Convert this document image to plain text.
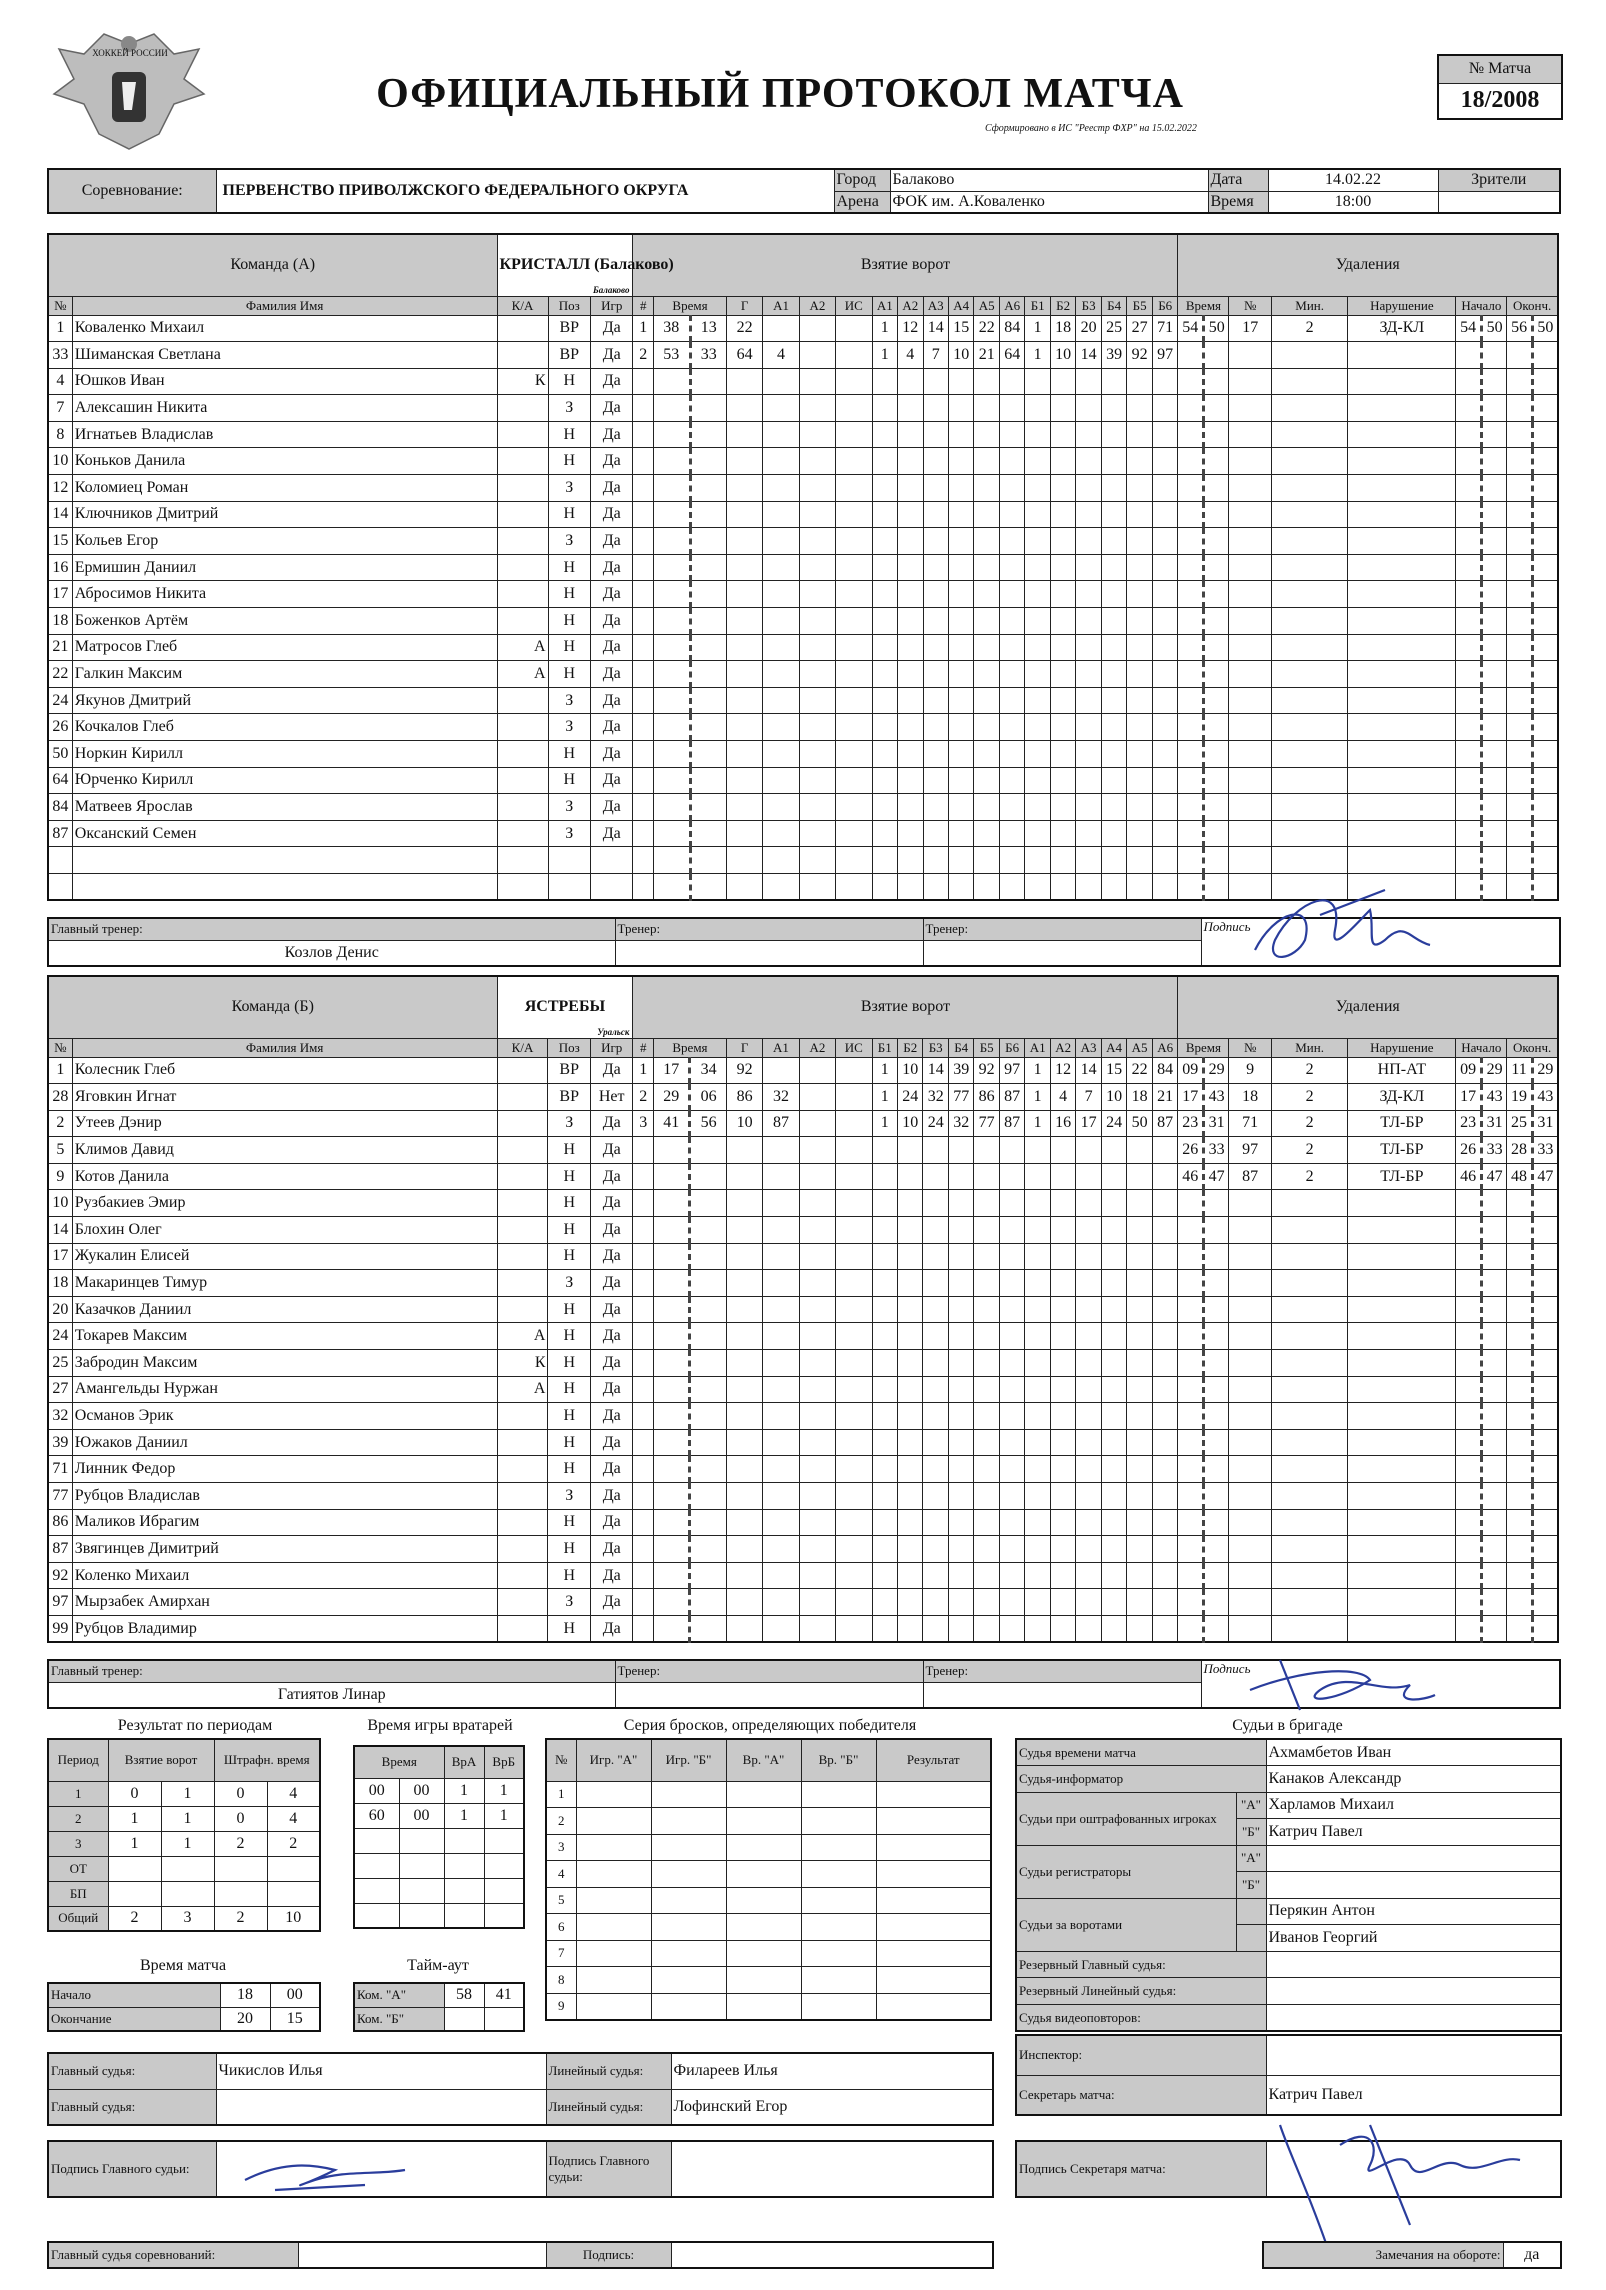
ХОККЕЙ РОССИИ
ОФИЦИАЛЬНЫЙ ПРОТОКОЛ МАТЧА
Сформировано в ИС "Реестр ФХР" на 15.02.2022
№ Матча
18/2008
Соревнование:	ПЕРВЕНСТВО ПРИВОЛЖСКОГО ФЕДЕРАЛЬНОГО ОКРУГА	Город	Балаково	Дата	14.02.22	Зрители
		Арена	ФОК им. А.Коваленко	Время	18:00	
Команда (А)		КРИСТАЛЛ (Балаково)
Балаково			Взятие ворот																			Удаления								
№	Фамилия Имя	К/А	Поз	Игр	#	Время		Г	А1	А2	ИС	А1	А2	А3	А4	А5	А6	Б1	Б2	Б3	Б4	Б5	Б6	Время		№	Мин.	Нарушение	Начало		Оконч.	
1	Коваленко Михаил		ВР	Да	1	38	13	22				1	12	14	15	22	84	1	18	20	25	27	71	54	50	17	2	ЗД-КЛ	54	50	56	50
33	Шиманская Светлана		ВР	Да	2	53	33	64	4			1	4	7	10	21	64	1	10	14	39	92	97									
4	Юшков Иван	К	Н	Да																												
7	Алексашин Никита		З	Да																												
8	Игнатьев Владислав		Н	Да																												
10	Коньков Данила		Н	Да																												
12	Коломиец Роман		З	Да																												
14	Ключников Дмитрий		Н	Да																												
15	Кольев Егор		З	Да																												
16	Ермишин Даниил		Н	Да																												
17	Абросимов Никита		Н	Да																												
18	Боженков Артём		Н	Да																												
21	Матросов Глеб	А	Н	Да																												
22	Галкин Максим	А	Н	Да																												
24	Якунов Дмитрий		З	Да																												
26	Кочкалов Глеб		З	Да																												
50	Норкин Кирилл		Н	Да																												
64	Юрченко Кирилл		Н	Да																												
84	Матвеев Ярослав		З	Да																												
87	Оксанский Семен		З	Да																												

Главный тренер:	Тренер:	Тренер:	Подпись
Козлов Денис			
Команда (Б)		ЯСТРЕБЫ
Уральск			Взятие ворот																			Удаления								
№	Фамилия Имя	К/А	Поз	Игр	#	Время		Г	А1	А2	ИС	Б1	Б2	Б3	Б4	Б5	Б6	А1	А2	А3	А4	А5	А6	Время		№	Мин.	Нарушение	Начало		Оконч.	
1	Колесник Глеб		ВР	Да	1	17	34	92				1	10	14	39	92	97	1	12	14	15	22	84	09	29	9	2	НП-АТ	09	29	11	29
28	Яговкин Игнат		ВР	Нет	2	29	06	86	32			1	24	32	77	86	87	1	4	7	10	18	21	17	43	18	2	ЗД-КЛ	17	43	19	43
2	Утеев Дэнир		З	Да	3	41	56	10	87			1	10	24	32	77	87	1	16	17	24	50	87	23	31	71	2	ТЛ-БР	23	31	25	31
5	Климов Давид		Н	Да																				26	33	97	2	ТЛ-БР	26	33	28	33
9	Котов Данила		Н	Да																				46	47	87	2	ТЛ-БР	46	47	48	47
10	Рузбакиев Эмир		Н	Да																												
14	Блохин Олег		Н	Да																												
17	Жукалин Елисей		Н	Да																												
18	Макаринцев Тимур		З	Да																												
20	Казачков Даниил		Н	Да																												
24	Токарев Максим	А	Н	Да																												
25	Забродин Максим	К	Н	Да																												
27	Амангельды Нуржан	А	Н	Да																												
32	Османов Эрик		Н	Да																												
39	Южаков Даниил		Н	Да																												
71	Линник Федор		Н	Да																												
77	Рубцов Владислав		З	Да																												
86	Маликов Ибрагим		Н	Да																												
87	Звягинцев Димитрий		Н	Да																												
92	Коленко Михаил		Н	Да																												
97	Мырзабек Амирхан		З	Да																												
99	Рубцов Владимир		Н	Да																												
Главный тренер:	Тренер:	Тренер:	Подпись
Гатиятов Линар			
Результат по периодам
Период	Взятие ворот		Штрафн. время	
1	0	1	0	4
2	1	1	0	4
3	1	1	2	2
ОТ				
БП				
Общий	2	3	2	10
Время матча
Начало	18	00
Окончание	20	15
Время игры вратарей
Время		ВрА	ВрБ
00	00	1	1
60	00	1	1

Тайм-аут
Ком. "А"	58	41
Ком. "Б"		
Серия бросков, определяющих победителя
№	Игр. "А"	Игр. "Б"	Вр. "А"	Вр. "Б"	Результат
1					
2					
3					
4					
5					
6					
7					
8					
9					
Судьи в бригаде
Судья времени матча		Ахмамбетов Иван
Судья-информатор		Канаков Александр
Судьи при оштрафованных игроках	"А"	Харламов Михаил
	"Б"	Катрич Павел
Судьи регистраторы	"А"	
	"Б"	
Судьи за воротами		Перякин Антон
		Иванов Георгий
Резервный Главный судья:		
Резервный Линейный судья:		
Судья видеоповторов:		
Главный судья:	Чикислов Илья	Линейный судья:	Филареев Илья
Главный судья:		Линейный судья:	Лофинский Егор
Подпись Главного судьи:		Подпись Главного судьи:	
Главный судья соревнований:		Подпись:	
Инспектор:	
Секретарь матча:	Катрич Павел
Подпись Секретаря матча:	
Замечания на обороте:	да
